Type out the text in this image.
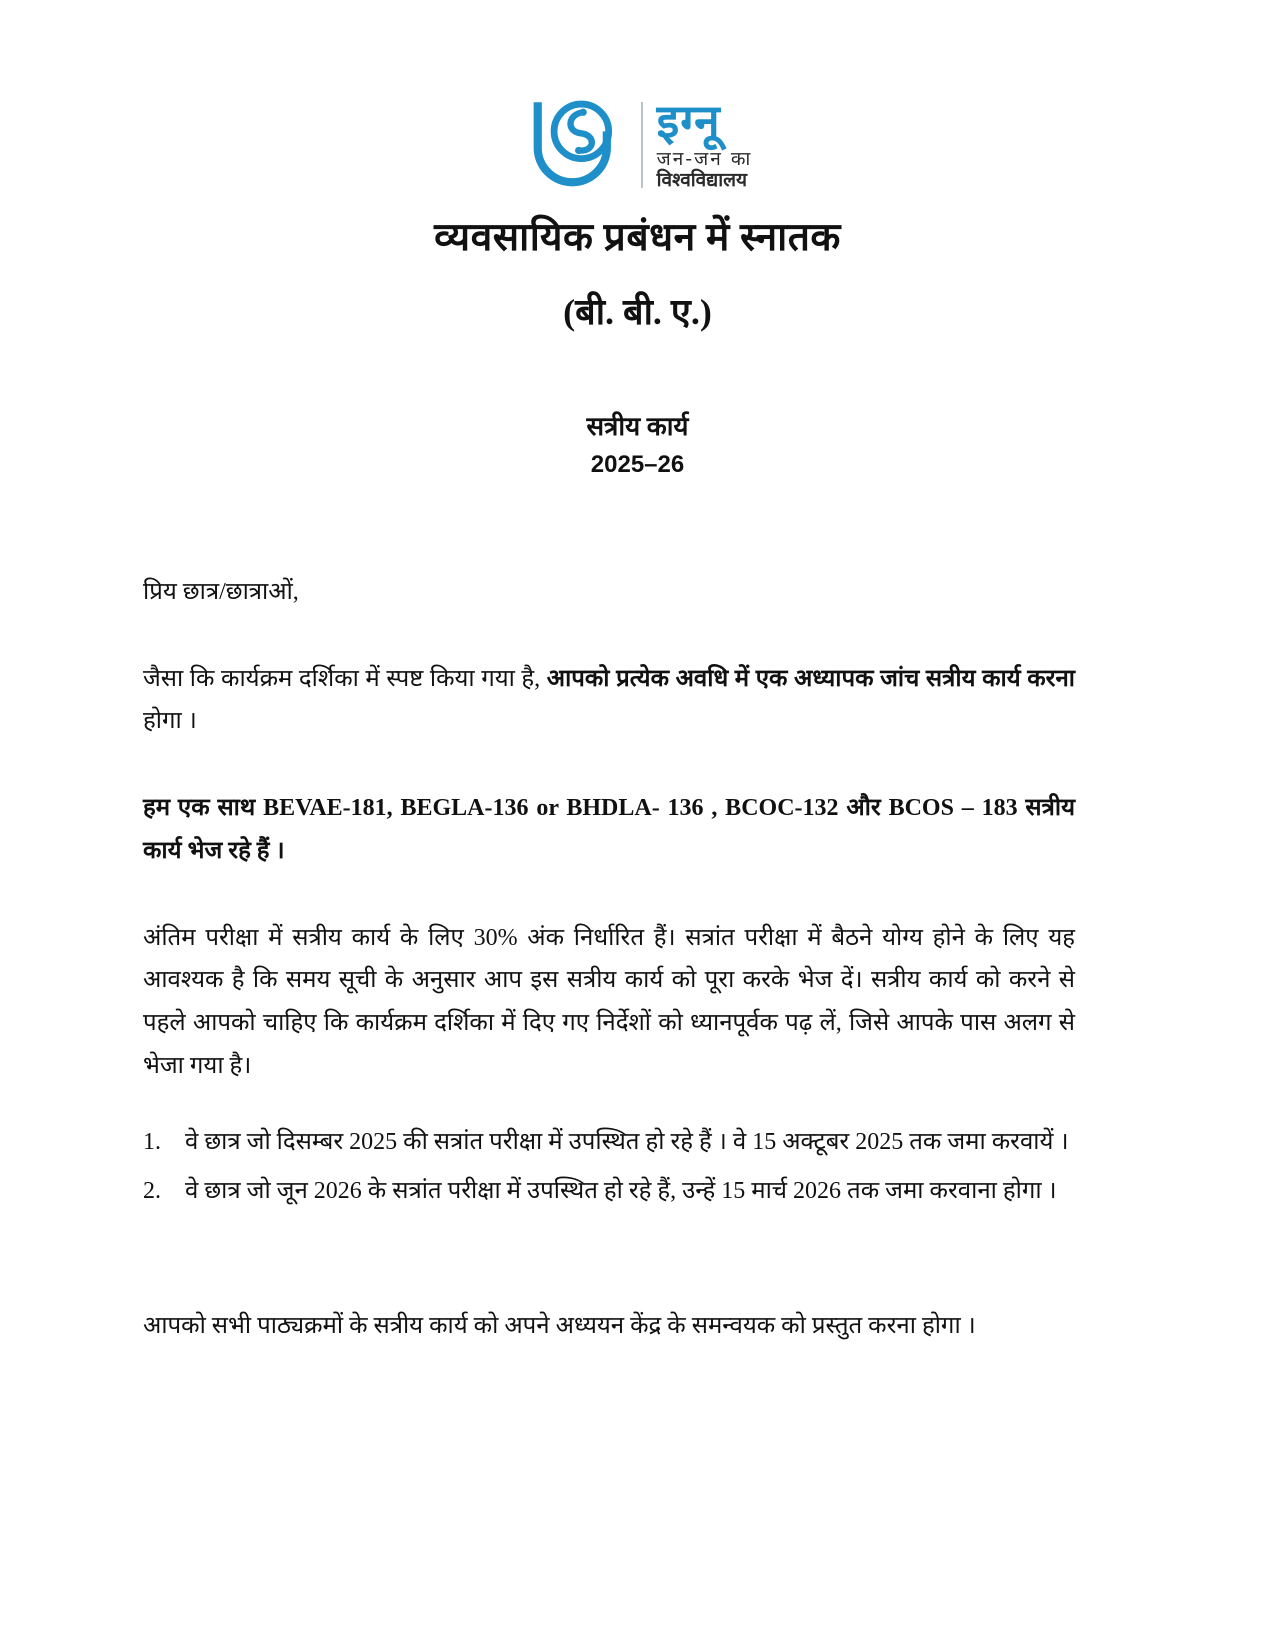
इग्नू
जन-जन का
विश्वविद्यालय
व्यवसायिक प्रबंधन में स्नातक
(बी. बी. ए.)
सत्रीय कार्य
2025–26
प्रिय छात्र/छात्राओं,
जैसा कि कार्यक्रम दर्शिका में स्पष्ट किया गया है, आपको प्रत्येक अवधि में एक अध्यापक जांच सत्रीय कार्य करना होगा ।
हम एक साथ BEVAE-181, BEGLA-136 or BHDLA- 136 , BCOC-132 और BCOS – 183 सत्रीय कार्य भेज रहे हैं ।
अंतिम परीक्षा में सत्रीय कार्य के लिए 30% अंक निर्धारित हैं। सत्रांत परीक्षा में बैठने योग्य होने के लिए यह आवश्यक है कि समय सूची के अनुसार आप इस सत्रीय कार्य को पूरा करके भेज दें। सत्रीय कार्य को करने से पहले आपको चाहिए कि कार्यक्रम दर्शिका में दिए गए निर्देशों को ध्यानपूर्वक पढ़ लें, जिसे आपके पास अलग से भेजा गया है।
1.	वे छात्र जो दिसम्बर 2025 की सत्रांत परीक्षा में उपस्थित हो रहे हैं । वे 15 अक्टूबर 2025 तक जमा करवायें ।
2.	वे छात्र जो जून 2026 के सत्रांत परीक्षा में उपस्थित हो रहे हैं, उन्हें 15 मार्च 2026 तक जमा करवाना होगा ।
आपको सभी पाठ्यक्रमों के सत्रीय कार्य को अपने अध्ययन केंद्र के समन्वयक को प्रस्तुत करना होगा ।
